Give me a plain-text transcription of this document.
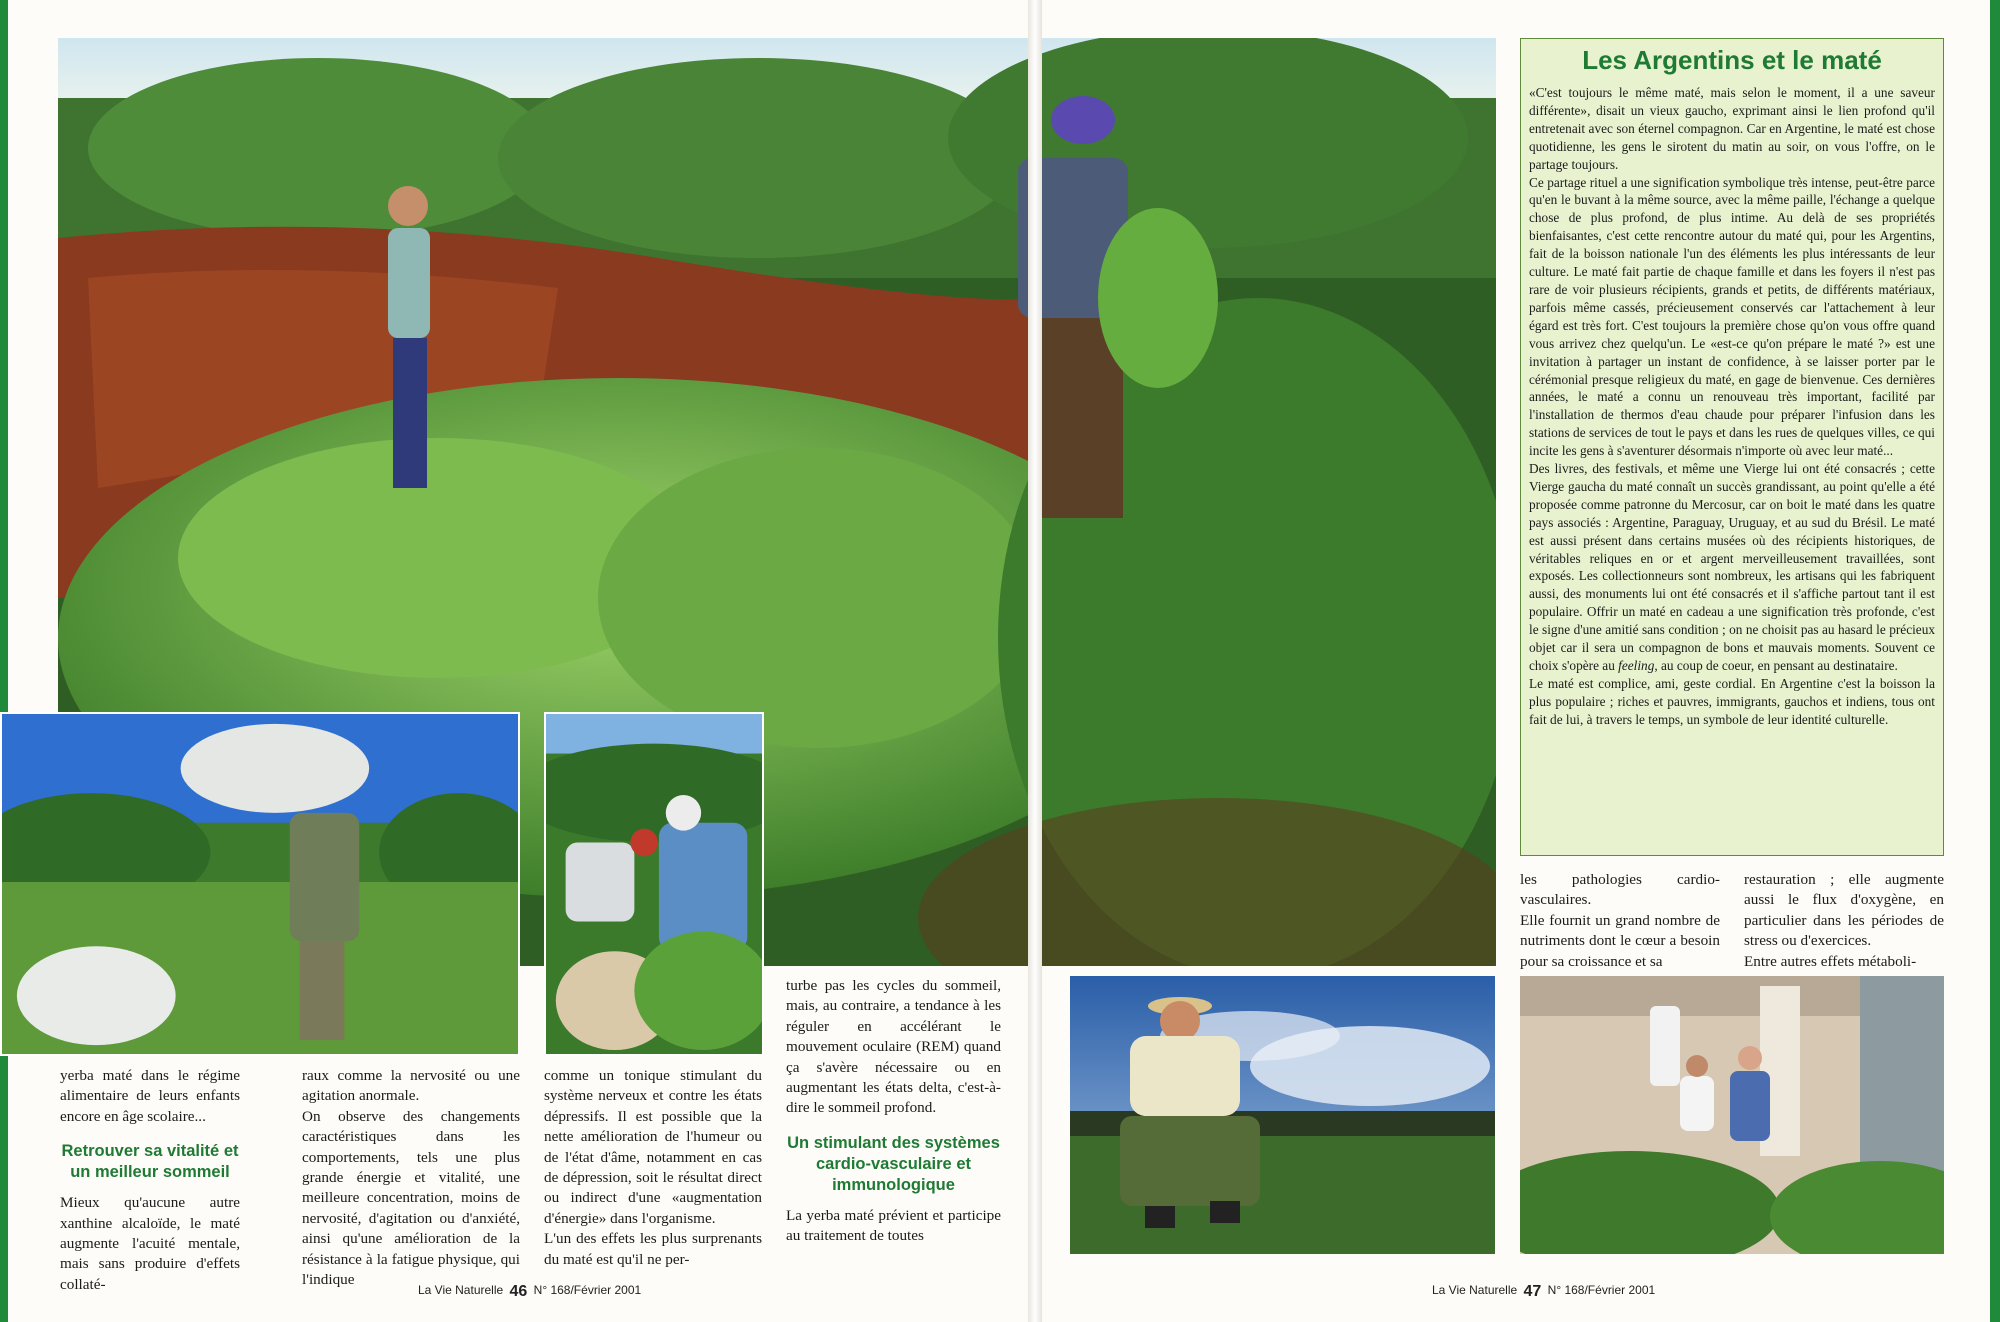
Les Argentins et le maté

«C'est toujours le même maté, mais selon le moment, il a une saveur différente», disait un vieux gaucho, exprimant ainsi le lien profond qu'il entretenait avec son éternel compagnon. Car en Argentine, le maté est chose quotidienne, les gens le sirotent du matin au soir, on vous l'offre, on le partage toujours.

Ce partage rituel a une signification symbolique très intense, peut-être parce qu'en le buvant à la même source, avec la même paille, l'échange a quelque chose de plus profond, de plus intime. Au delà de ses propriétés bienfaisantes, c'est cette rencontre autour du maté qui, pour les Argentins, fait de la boisson nationale l'un des éléments les plus intéressants de leur culture. Le maté fait partie de chaque famille et dans les foyers il n'est pas rare de voir plusieurs récipients, grands et petits, de différents matériaux, parfois même cassés, précieusement conservés car l'attachement à leur égard est très fort. C'est toujours la première chose qu'on vous offre quand vous arrivez chez quelqu'un. Le «est-ce qu'on prépare le maté ?» est une invitation à partager un instant de confidence, à se laisser porter par le cérémonial presque religieux du maté, en gage de bienvenue. Ces dernières années, le maté a connu un renouveau très important, facilité par l'installation de thermos d'eau chaude pour préparer l'infusion dans les stations de services de tout le pays et dans les rues de quelques villes, ce qui incite les gens à s'aventurer désormais n'importe où avec leur maté...

Des livres, des festivals, et même une Vierge lui ont été consacrés ; cette Vierge gaucha du maté connaît un succès grandissant, au point qu'elle a été proposée comme patronne du Mercosur, car on boit le maté dans les quatre pays associés : Argentine, Paraguay, Uruguay, et au sud du Brésil. Le maté est aussi présent dans certains musées où des récipients historiques, de véritables reliques en or et argent merveilleusement travaillées, sont exposés. Les collectionneurs sont nombreux, les artisans qui les fabriquent aussi, des monuments lui ont été consacrés et il s'affiche partout tant il est populaire. Offrir un maté en cadeau a une signification très profonde, c'est le signe d'une amitié sans condition ; on ne choisit pas au hasard le précieux objet car il sera un compagnon de bons et mauvais moments. Souvent ce choix s'opère au feeling, au coup de coeur, en pensant au destinataire.

Le maté est complice, ami, geste cordial. En Argentine c'est la boisson la plus populaire ; riches et pauvres, immigrants, gauchos et indiens, tous ont fait de lui, à travers le temps, un symbole de leur identité culturelle.

yerba maté dans le régime alimentaire de leurs enfants encore en âge scolaire...

Retrouver sa vitalité et un meilleur sommeil

Mieux qu'aucune autre xanthine alcaloïde, le maté augmente l'acuité mentale, mais sans produire d'effets collaté-

raux comme la nervosité ou une agitation anormale.

On observe des changements caractéristiques dans les comportements, tels une plus grande énergie et vitalité, une meilleure concentration, moins de nervosité, d'agitation ou d'anxiété, ainsi qu'une amélioration de la résistance à la fatigue physique, qui l'indique

comme un tonique stimulant du système nerveux et contre les états dépressifs. Il est possible que la nette amélioration de l'humeur ou de l'état d'âme, notamment en cas de dépression, soit le résultat direct ou indirect d'une «augmentation d'énergie» dans l'organisme.

L'un des effets les plus surprenants du maté est qu'il ne per-

turbe pas les cycles du sommeil, mais, au contraire, a tendance à les réguler en accélérant le mouvement oculaire (REM) quand ça s'avère nécessaire ou en augmentant les états delta, c'est-à-dire le sommeil profond.

Un stimulant des systèmes cardio-vasculaire et immunologique

La yerba maté prévient et participe au traitement de toutes

les pathologies cardio-vasculaires.

Elle fournit un grand nombre de nutriments dont le cœur a besoin pour sa croissance et sa

restauration ; elle augmente aussi le flux d'oxygène, en particulier dans les périodes de stress ou d'exercices.

Entre autres effets métaboli-

La Vie Naturelle 46 N° 168/Février 2001	La Vie Naturelle 47 N° 168/Février 2001
